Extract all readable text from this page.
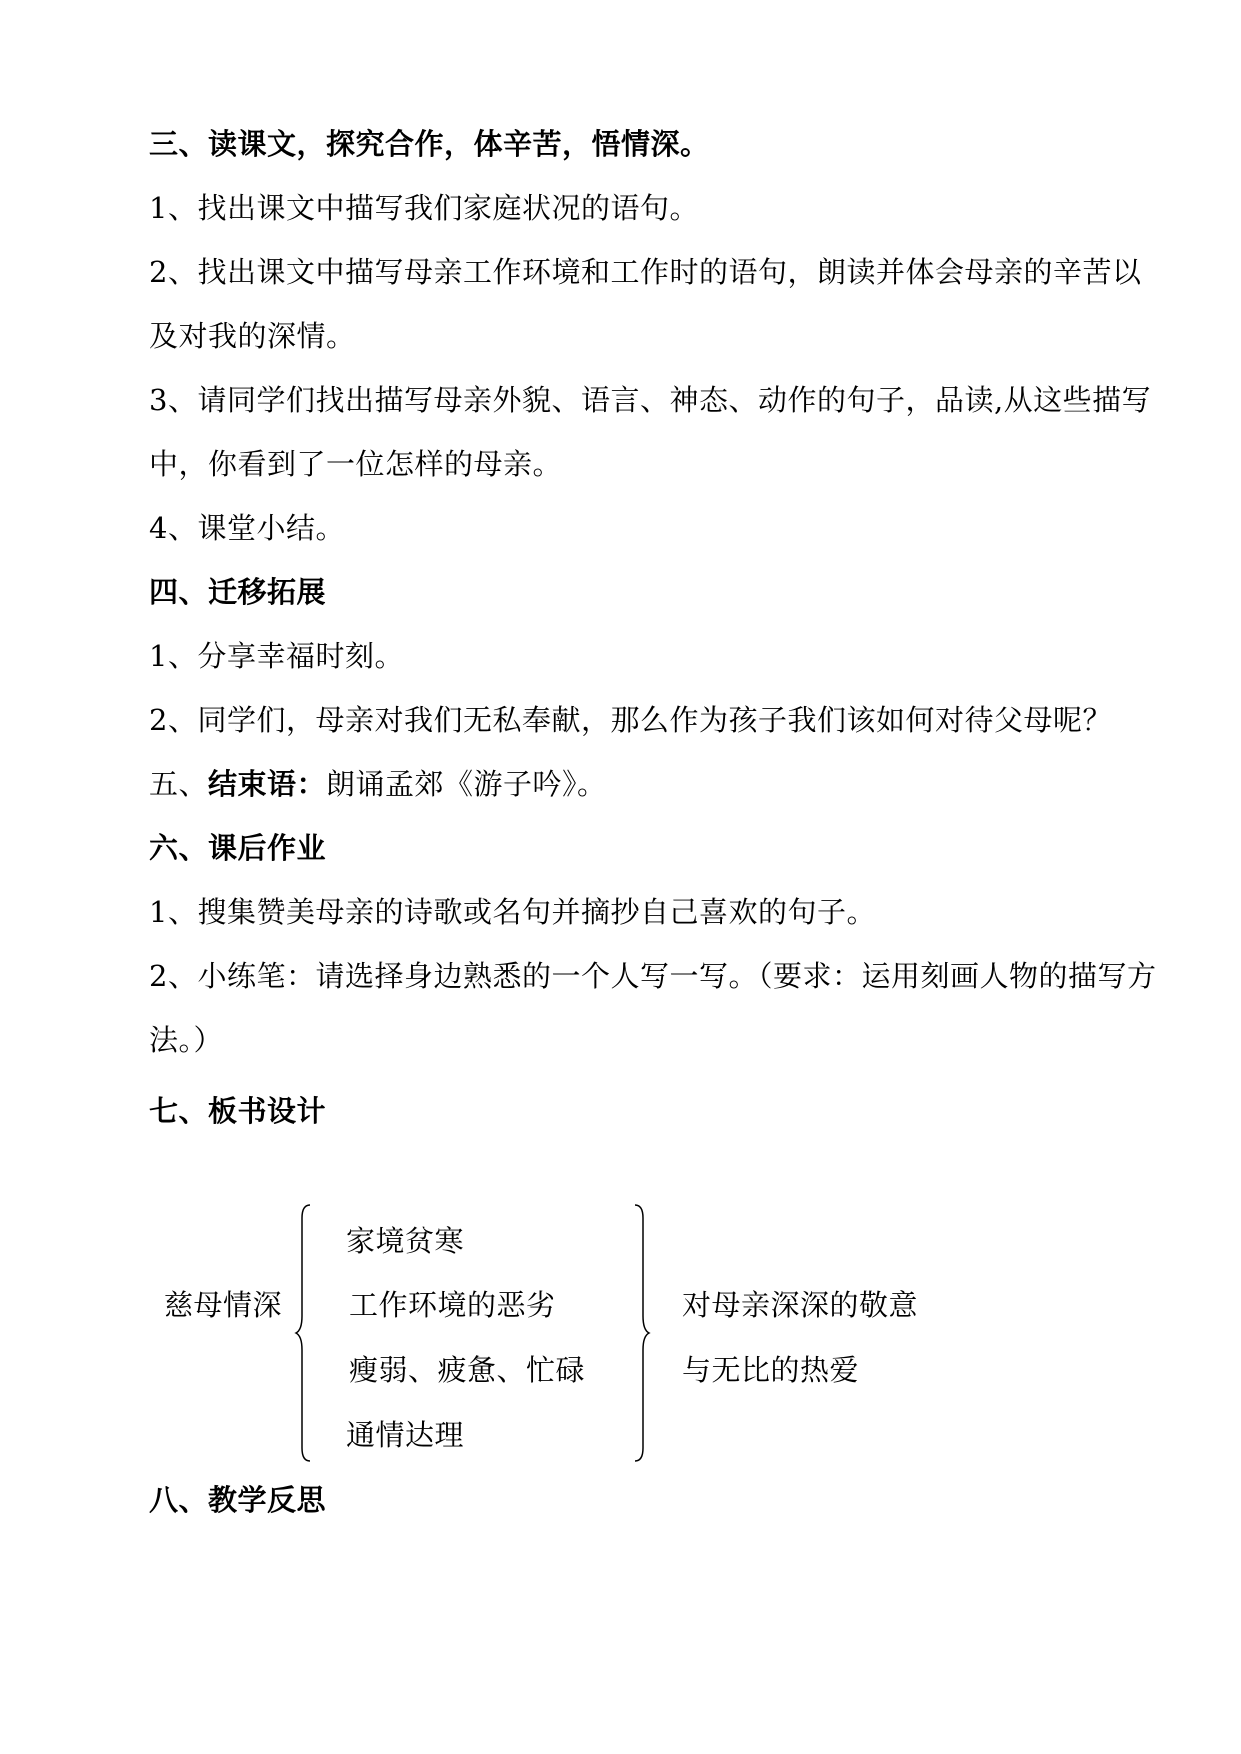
三、读课文，探究合作，体辛苦，悟情深。
1、找出课文中描写我们家庭状况的语句。
2、找出课文中描写母亲工作环境和工作时的语句，朗读并体会母亲的辛苦以
及对我的深情。
3、请同学们找出描写母亲外貌、语言、神态、动作的句子，品读,从这些描写
中，你看到了一位怎样的母亲。
4、课堂小结。
四、迁移拓展
1、分享幸福时刻。
2、同学们，母亲对我们无私奉献，那么作为孩子我们该如何对待父母呢？
五、结束语：朗诵孟郊《游子吟》。
六、课后作业
1、搜集赞美母亲的诗歌或名句并摘抄自己喜欢的句子。
2、小练笔：请选择身边熟悉的一个人写一写。（要求：运用刻画人物的描写方
法。）
七、板书设计
慈母情深
家境贫寒
工作环境的恶劣
瘦弱、疲惫、忙碌
通情达理
对母亲深深的敬意
与无比的热爱
八、教学反思
